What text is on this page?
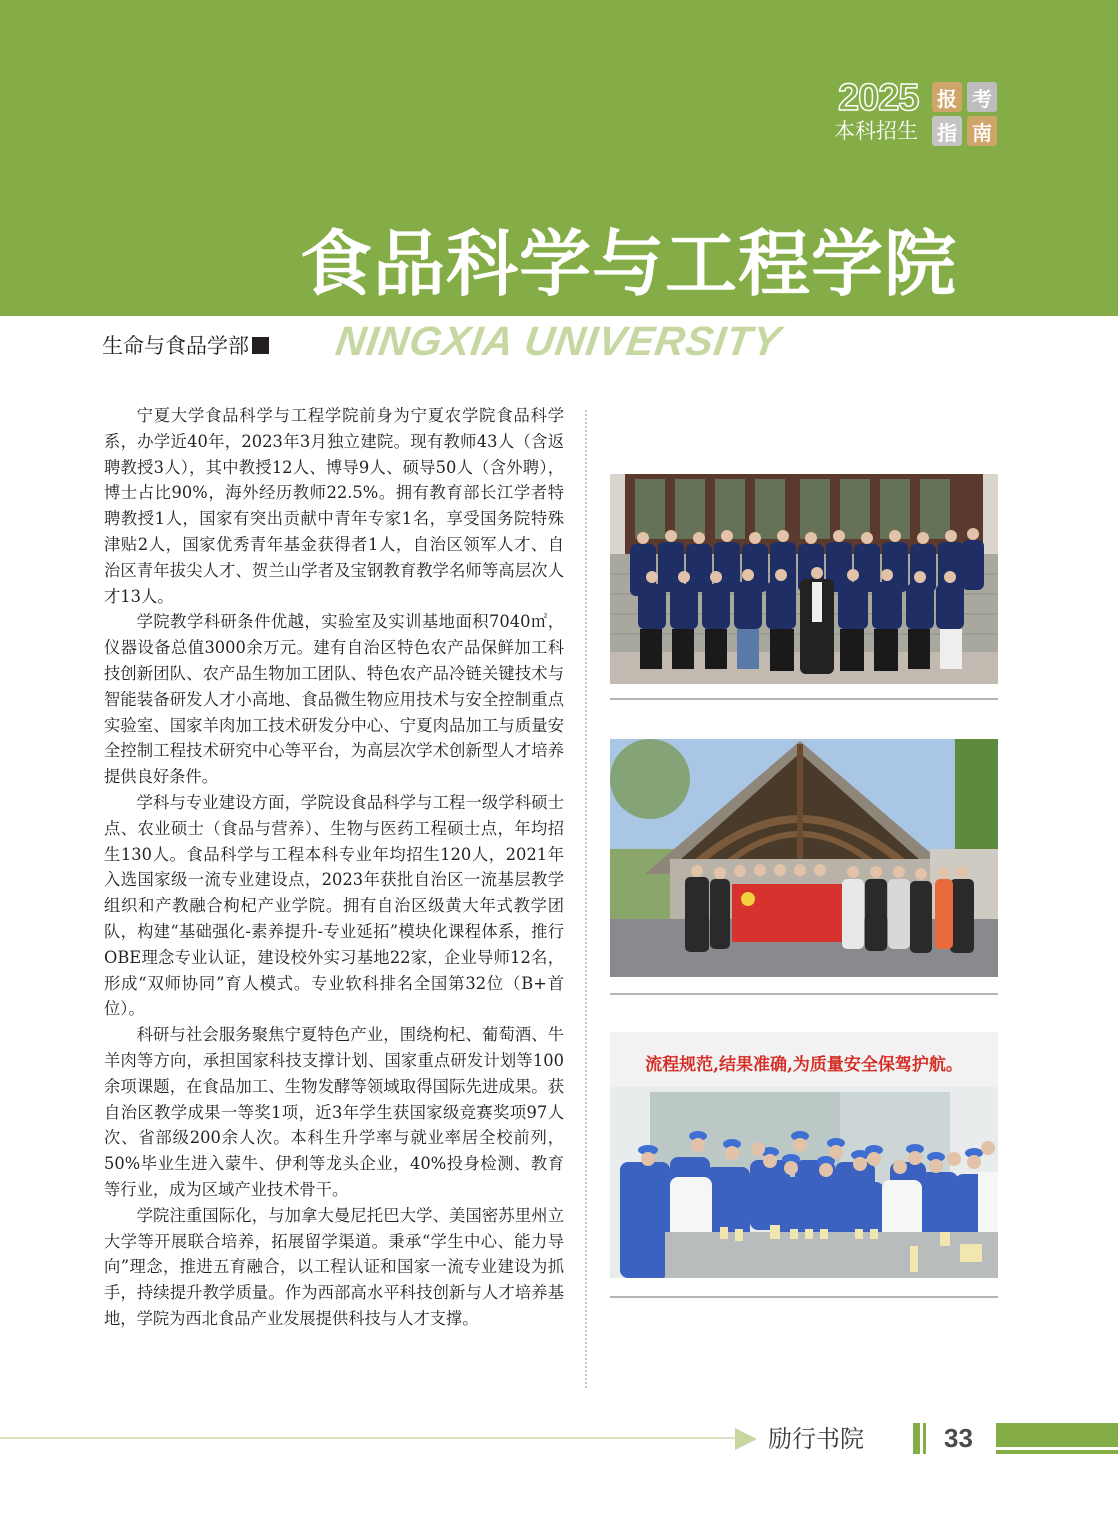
2025
本科招生
报 考
指 南
食品科学与工程学院
生命与食品学部	NINGXIA UNIVERSITY

宁夏大学食品科学与工程学院前身为宁夏农学院食品科学系，办学近40年，2023年3月独立建院。现有教师43人（含返聘教授3人），其中教授12人、博导9人、硕导50人（含外聘），博士占比90%，海外经历教师22.5%。拥有教育部长江学者特聘教授1人，国家有突出贡献中青年专家1名，享受国务院特殊津贴2人，国家优秀青年基金获得者1人，自治区领军人才、自治区青年拔尖人才、贺兰山学者及宝钢教育教学名师等高层次人才13人。

学院教学科研条件优越，实验室及实训基地面积7040㎡，仪器设备总值3000余万元。建有自治区特色农产品保鲜加工科技创新团队、农产品生物加工团队、特色农产品冷链关键技术与智能装备研发人才小高地、食品微生物应用技术与安全控制重点实验室、国家羊肉加工技术研发分中心、宁夏肉品加工与质量安全控制工程技术研究中心等平台，为高层次学术创新型人才培养提供良好条件。

学科与专业建设方面，学院设食品科学与工程一级学科硕士点、农业硕士（食品与营养）、生物与医药工程硕士点，年均招生130人。食品科学与工程本科专业年均招生120人，2021年入选国家级一流专业建设点，2023年获批自治区一流基层教学组织和产教融合枸杞产业学院。拥有自治区级黄大年式教学团队，构建“基础强化-素养提升-专业延拓”模块化课程体系，推行OBE理念专业认证，建设校外实习基地22家，企业导师12名，形成“双师协同”育人模式。专业软科排名全国第32位（B+首位）。

科研与社会服务聚焦宁夏特色产业，围绕枸杞、葡萄酒、牛羊肉等方向，承担国家科技支撑计划、国家重点研发计划等100余项课题，在食品加工、生物发酵等领域取得国际先进成果。获自治区教学成果一等奖1项，近3年学生获国家级竞赛奖项97人次、省部级200余人次。本科生升学率与就业率居全校前列，50%毕业生进入蒙牛、伊利等龙头企业，40%投身检测、教育等行业，成为区域产业技术骨干。

学院注重国际化，与加拿大曼尼托巴大学、美国密苏里州立大学等开展联合培养，拓展留学渠道。秉承“学生中心、能力导向”理念，推进五育融合，以工程认证和国家一流专业建设为抓手，持续提升教学质量。作为西部高水平科技创新与人才培养基地，学院为西北食品产业发展提供科技与人才支撑。

流程规范,结果准确,为质量安全保驾护航。
励行书院	33
